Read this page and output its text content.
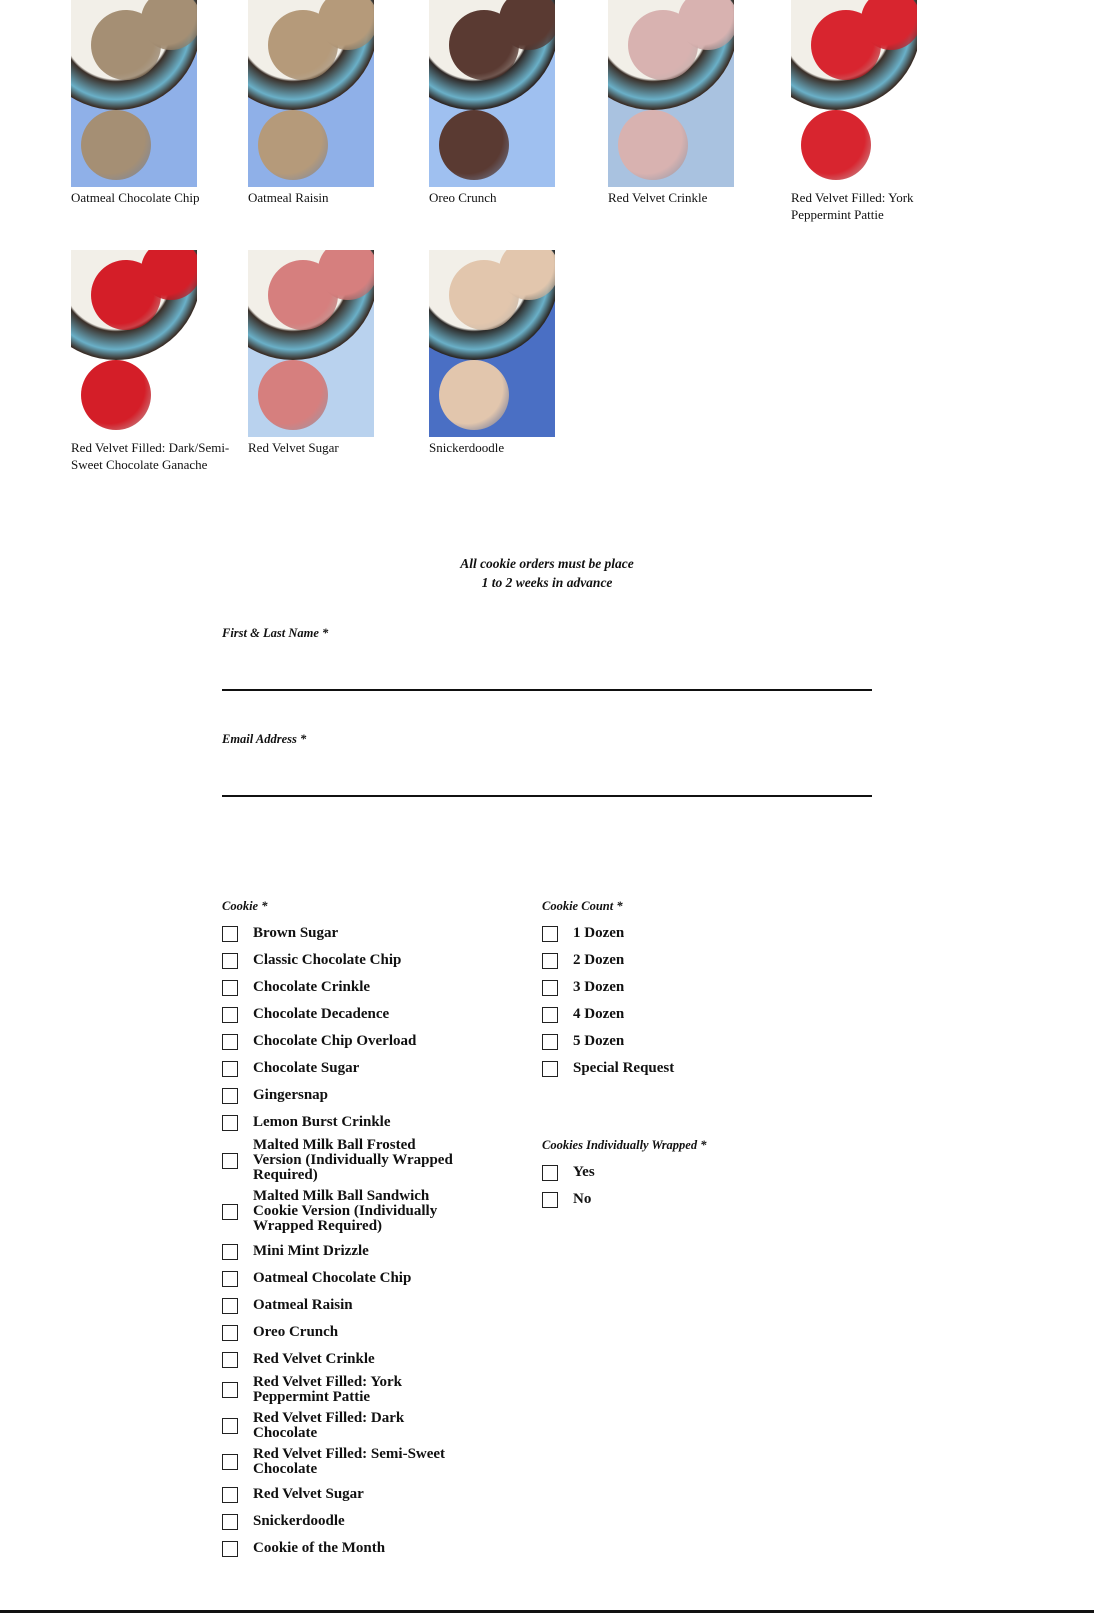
Oatmeal Chocolate Chip	Oatmeal Raisin	Oreo Crunch	Red Velvet Crinkle	Red Velvet Filled: York Peppermint Pattie
Red Velvet Filled: Dark/Semi-Sweet Chocolate Ganache
Red Velvet Sugar	Snickerdoodle
All cookie orders must be place
1 to 2 weeks in advance
First & Last Name *
Email Address *
Cookie *
Brown Sugar
Classic Chocolate Chip
Chocolate Crinkle
Chocolate Decadence
Chocolate Chip Overload
Chocolate Sugar
Gingersnap
Lemon Burst Crinkle
Malted Milk Ball Frosted Version (Individually Wrapped Required)
Malted Milk Ball Sandwich Cookie Version (Individually Wrapped Required)
Mini Mint Drizzle
Oatmeal Chocolate Chip
Oatmeal Raisin
Oreo Crunch
Red Velvet Crinkle
Red Velvet Filled: York Peppermint Pattie
Red Velvet Filled: Dark Chocolate
Red Velvet Filled: Semi-Sweet Chocolate
Red Velvet Sugar
Snickerdoodle
Cookie of the Month
Cookie Count *
1 Dozen
2 Dozen
3 Dozen
4 Dozen
5 Dozen
Special Request
Cookies Individually Wrapped *
Yes
No
